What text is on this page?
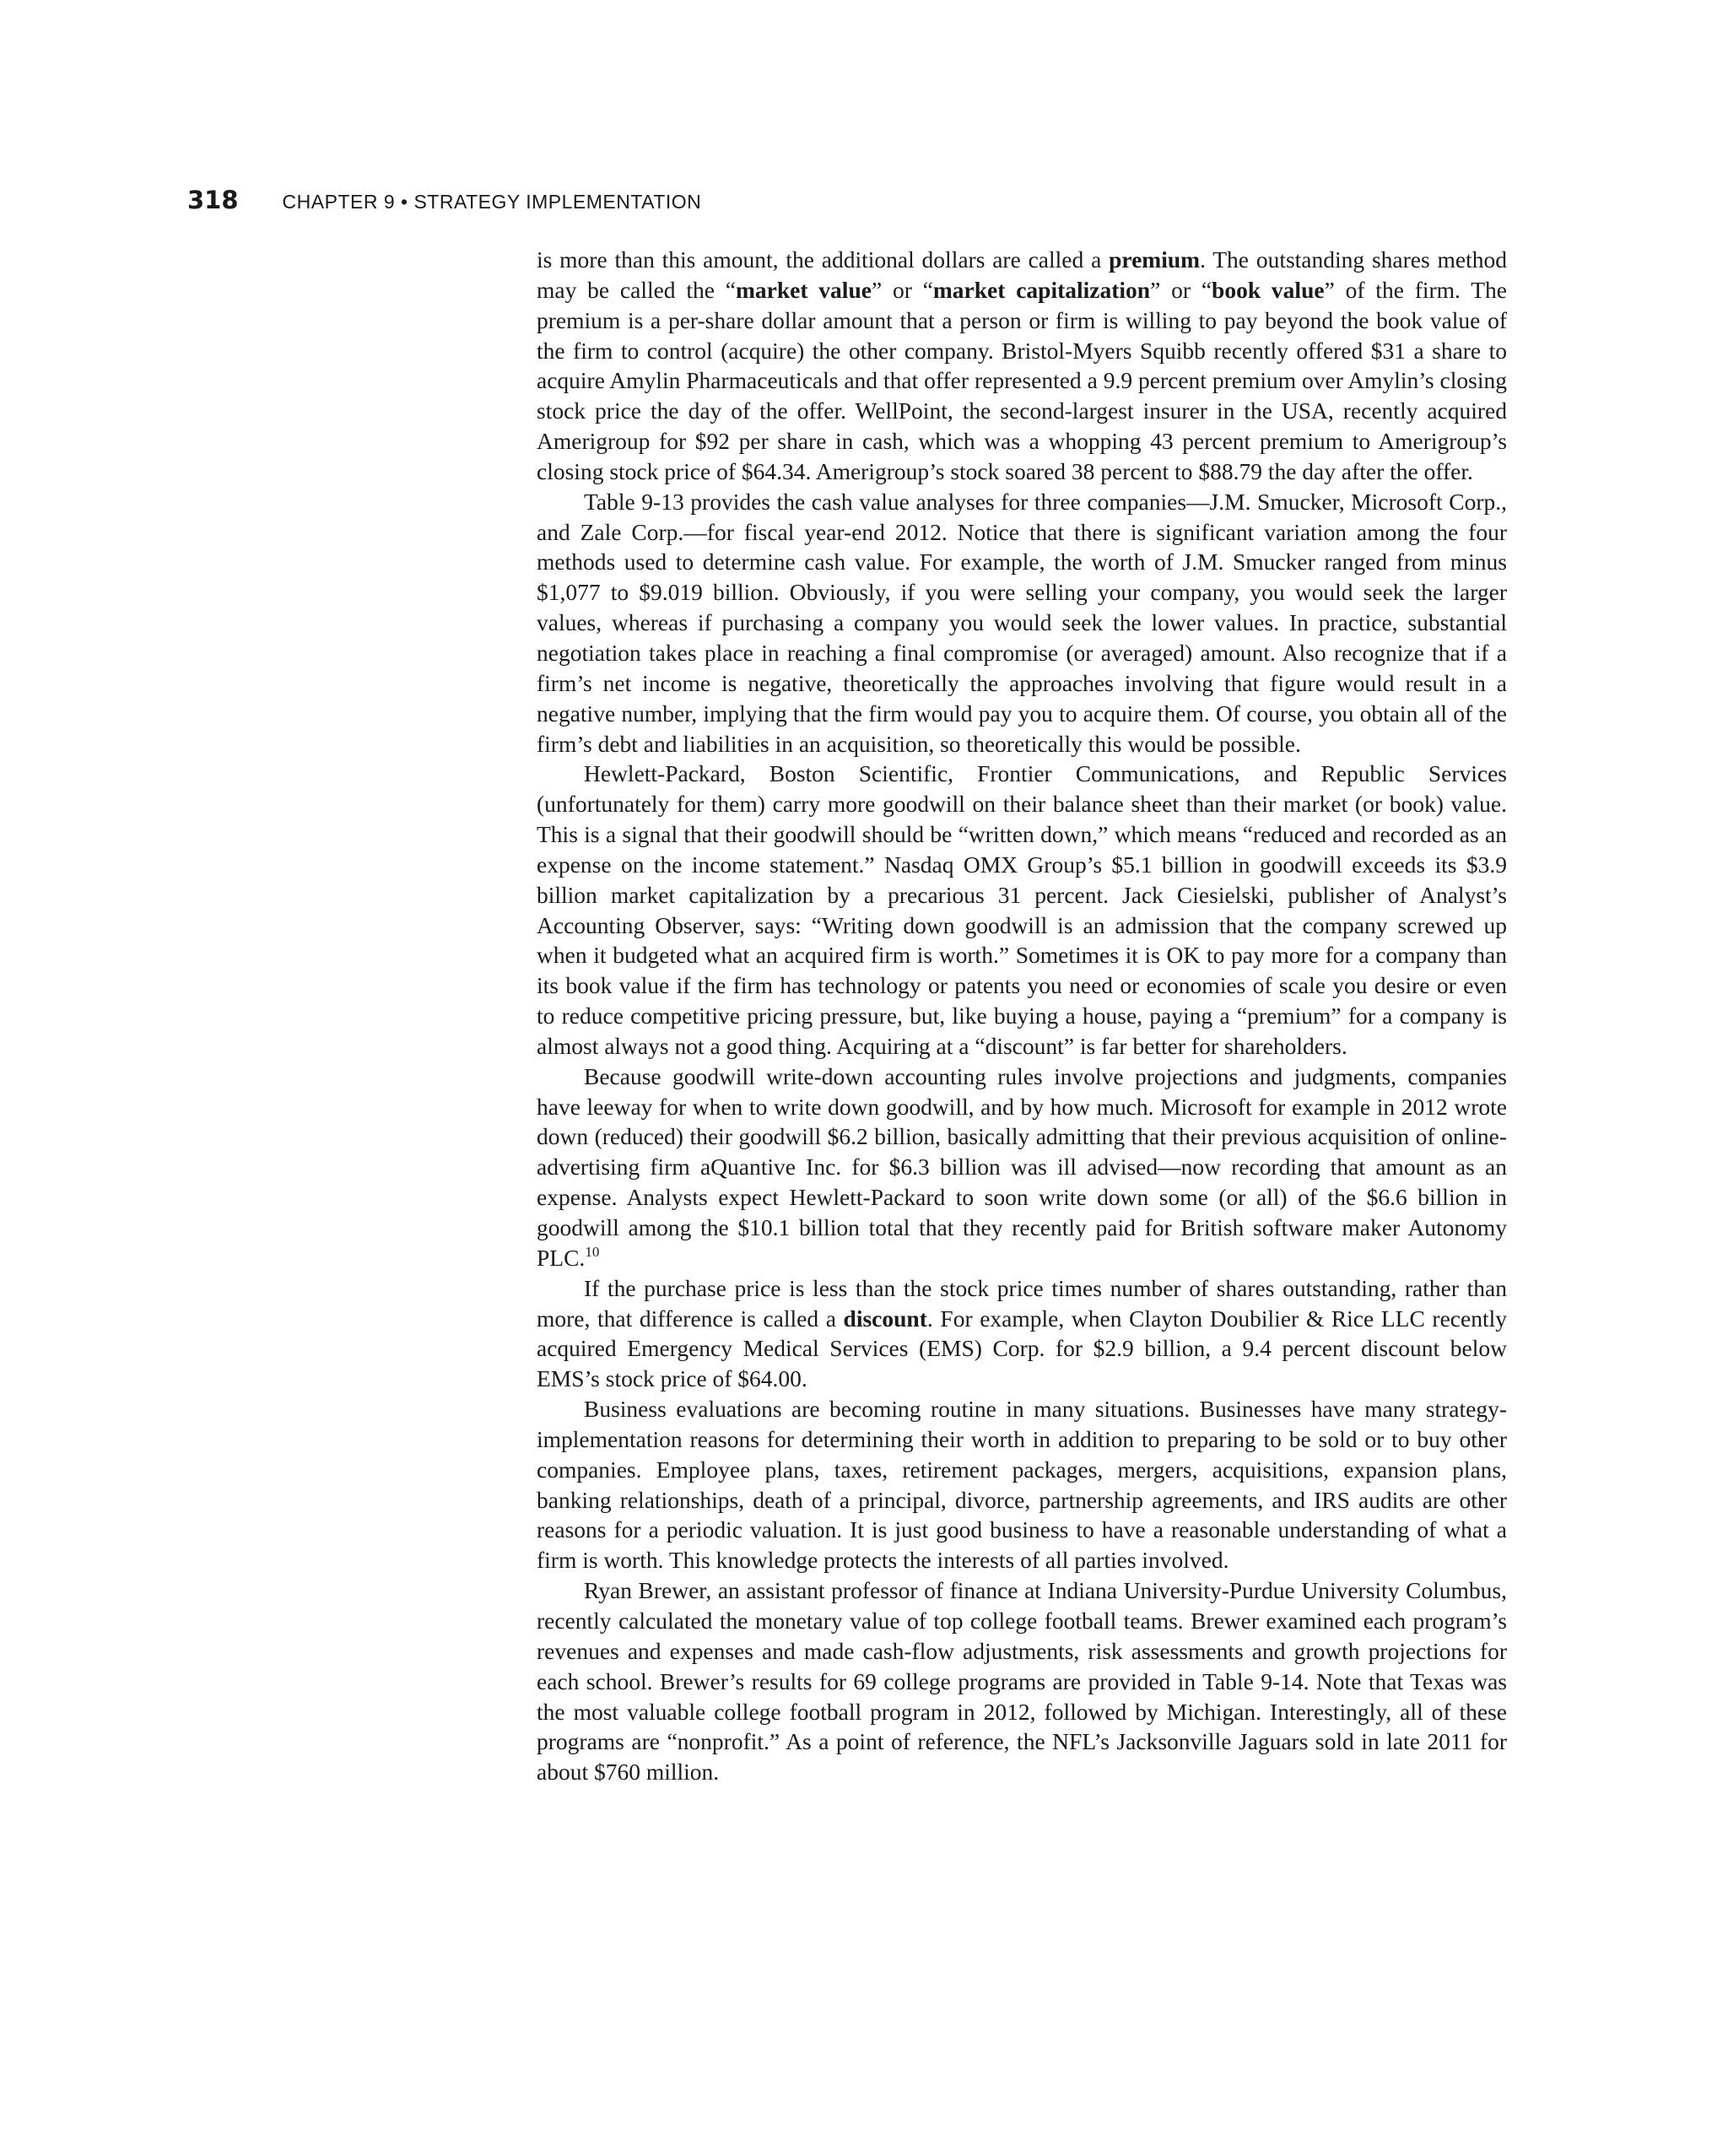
318 CHAPTER 9 • STRATEGY IMPLEMENTATION

is more than this amount, the additional dollars are called a premium. The outstanding shares method may be called the “market value” or “market capitalization” or “book value” of the firm. The premium is a per-share dollar amount that a person or firm is willing to pay beyond the book value of the firm to control (acquire) the other company. Bristol-Myers Squibb recently offered $31 a share to acquire Amylin Pharmaceuticals and that offer represented a 9.9 percent premium over Amylin’s closing stock price the day of the offer. WellPoint, the second-largest insurer in the USA, recently acquired Amerigroup for $92 per share in cash, which was a whopping 43 percent premium to Amerigroup’s closing stock price of $64.34. Amerigroup’s stock soared 38 percent to $88.79 the day after the offer.

Table 9-13 provides the cash value analyses for three companies—J.M. Smucker, Microsoft Corp., and Zale Corp.—for fiscal year-end 2012. Notice that there is significant variation among the four methods used to determine cash value. For example, the worth of J.M. Smucker ranged from minus $1,077 to $9.019 billion. Obviously, if you were selling your company, you would seek the larger values, whereas if purchasing a company you would seek the lower values. In practice, substantial negotiation takes place in reaching a final compromise (or averaged) amount. Also recognize that if a firm’s net income is negative, theoretically the approaches involving that figure would result in a negative number, implying that the firm would pay you to acquire them. Of course, you obtain all of the firm’s debt and liabilities in an acquisition, so theoretically this would be possible.

Hewlett-Packard, Boston Scientific, Frontier Communications, and Republic Services (unfortunately for them) carry more goodwill on their balance sheet than their market (or book) value. This is a signal that their goodwill should be “written down,” which means “reduced and recorded as an expense on the income statement.” Nasdaq OMX Group’s $5.1 billion in goodwill exceeds its $3.9 billion market capitalization by a precarious 31 percent. Jack Ciesielski, publisher of Analyst’s Accounting Observer, says: “Writing down goodwill is an admission that the company screwed up when it budgeted what an acquired firm is worth.” Sometimes it is OK to pay more for a company than its book value if the firm has technology or patents you need or economies of scale you desire or even to reduce competitive pricing pressure, but, like buying a house, paying a “premium” for a company is almost always not a good thing. Acquiring at a “discount” is far better for shareholders.

Because goodwill write-down accounting rules involve projections and judgments, companies have leeway for when to write down goodwill, and by how much. Microsoft for example in 2012 wrote down (reduced) their goodwill $6.2 billion, basically admitting that their previous acquisition of online-advertising firm aQuantive Inc. for $6.3 billion was ill advised—now recording that amount as an expense. Analysts expect Hewlett-Packard to soon write down some (or all) of the $6.6 billion in goodwill among the $10.1 billion total that they recently paid for British software maker Autonomy PLC.$^{10}$

If the purchase price is less than the stock price times number of shares outstanding, rather than more, that difference is called a discount. For example, when Clayton Doubilier & Rice LLC recently acquired Emergency Medical Services (EMS) Corp. for $2.9 billion, a 9.4 percent discount below EMS’s stock price of $64.00.

Business evaluations are becoming routine in many situations. Businesses have many strategy-implementation reasons for determining their worth in addition to preparing to be sold or to buy other companies. Employee plans, taxes, retirement packages, mergers, acquisitions, expansion plans, banking relationships, death of a principal, divorce, partnership agreements, and IRS audits are other reasons for a periodic valuation. It is just good business to have a reasonable understanding of what a firm is worth. This knowledge protects the interests of all parties involved.

Ryan Brewer, an assistant professor of finance at Indiana University-Purdue University Columbus, recently calculated the monetary value of top college football teams. Brewer examined each program’s revenues and expenses and made cash-flow adjustments, risk assessments and growth projections for each school. Brewer’s results for 69 college programs are provided in Table 9-14. Note that Texas was the most valuable college football program in 2012, followed by Michigan. Interestingly, all of these programs are “nonprofit.” As a point of reference, the NFL’s Jacksonville Jaguars sold in late 2011 for about $760 million.
